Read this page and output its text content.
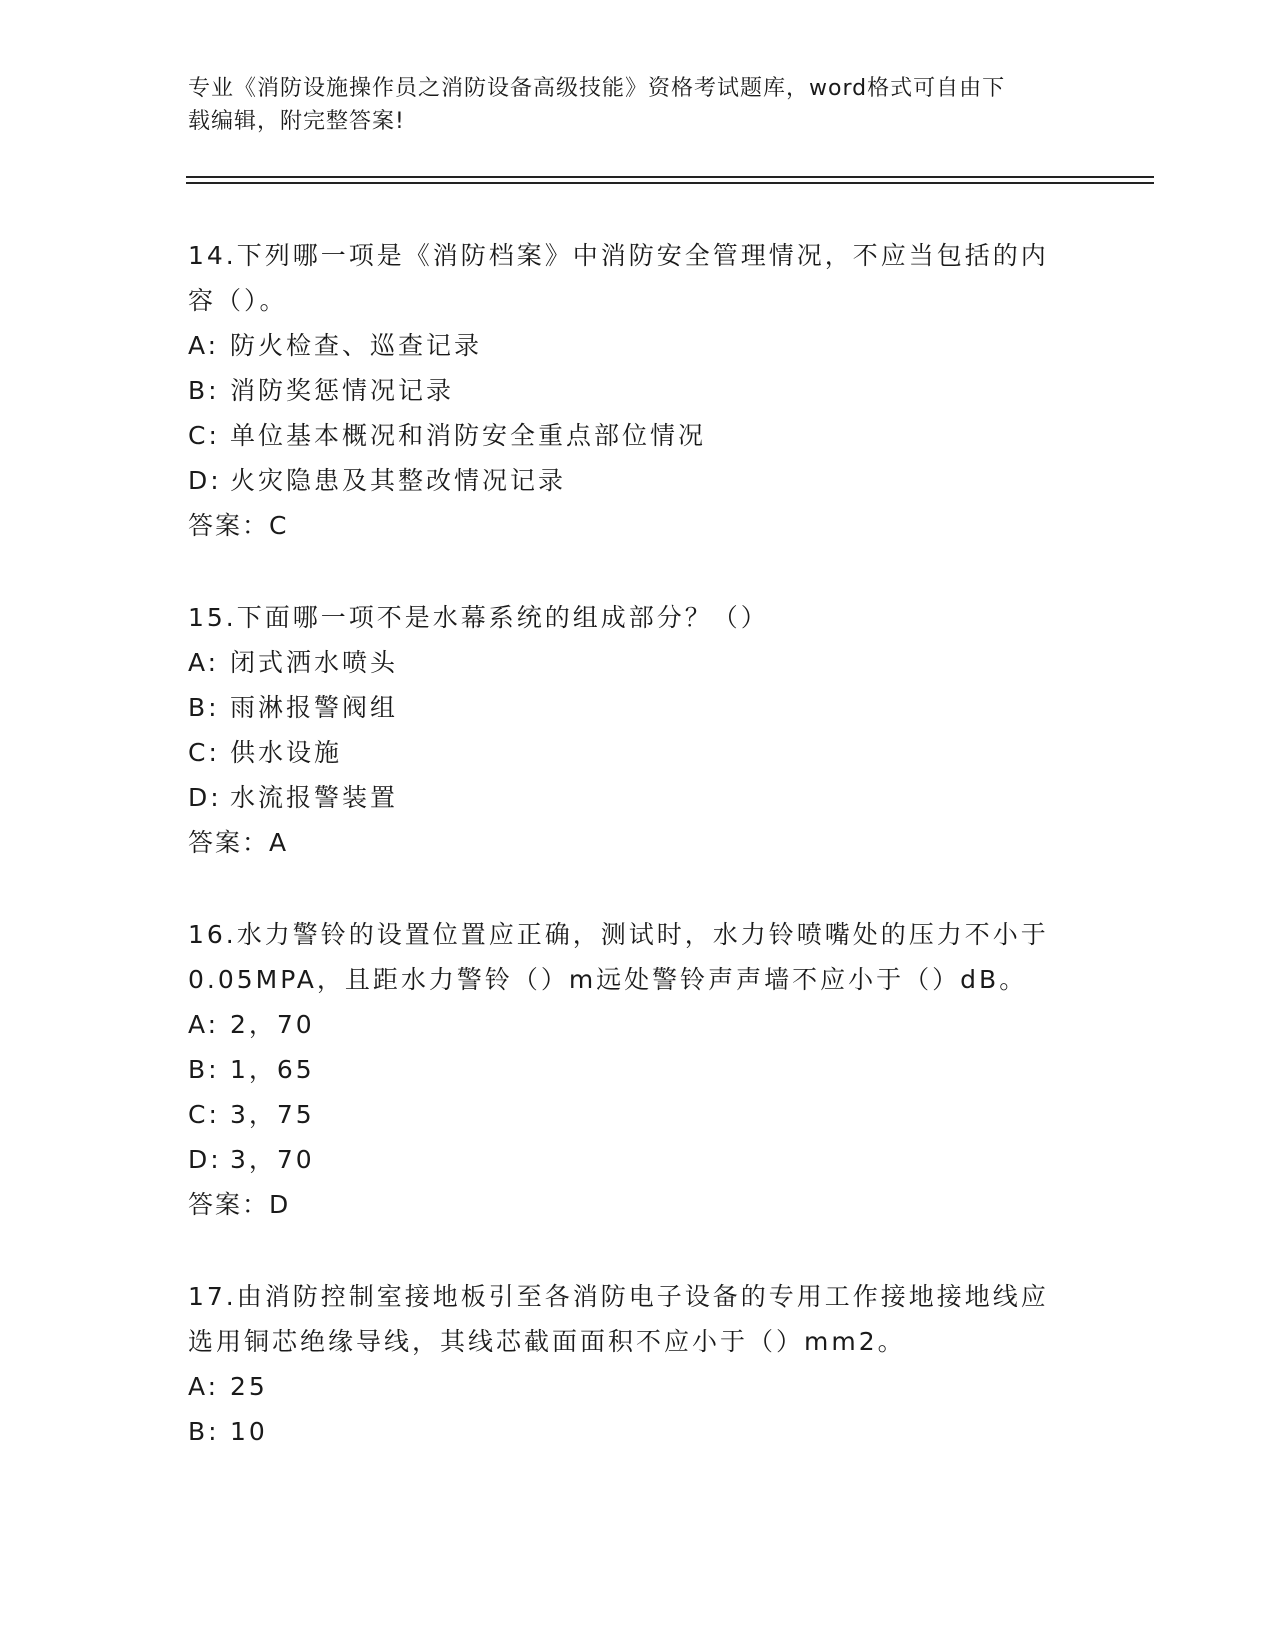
专业《消防设施操作员之消防设备高级技能》资格考试题库，word格式可自由下
载编辑，附完整答案!
14.下列哪一项是《消防档案》中消防安全管理情况，不应当包括的内
容（）。
A: 防火检查、巡查记录
B: 消防奖惩情况记录
C: 单位基本概况和消防安全重点部位情况
D: 火灾隐患及其整改情况记录
答案：C
15.下面哪一项不是水幕系统的组成部分？（）
A: 闭式洒水喷头
B: 雨淋报警阀组
C: 供水设施
D: 水流报警装置
答案：A
16.水力警铃的设置位置应正确，测试时，水力铃喷嘴处的压力不小于
0.05MPA，且距水力警铃（）m远处警铃声声墙不应小于（）dB。
A: 2，70
B: 1，65
C: 3，75
D: 3，70
答案：D
17.由消防控制室接地板引至各消防电子设备的专用工作接地接地线应
选用铜芯绝缘导线，其线芯截面面积不应小于（）mm2。
A: 25
B: 10
